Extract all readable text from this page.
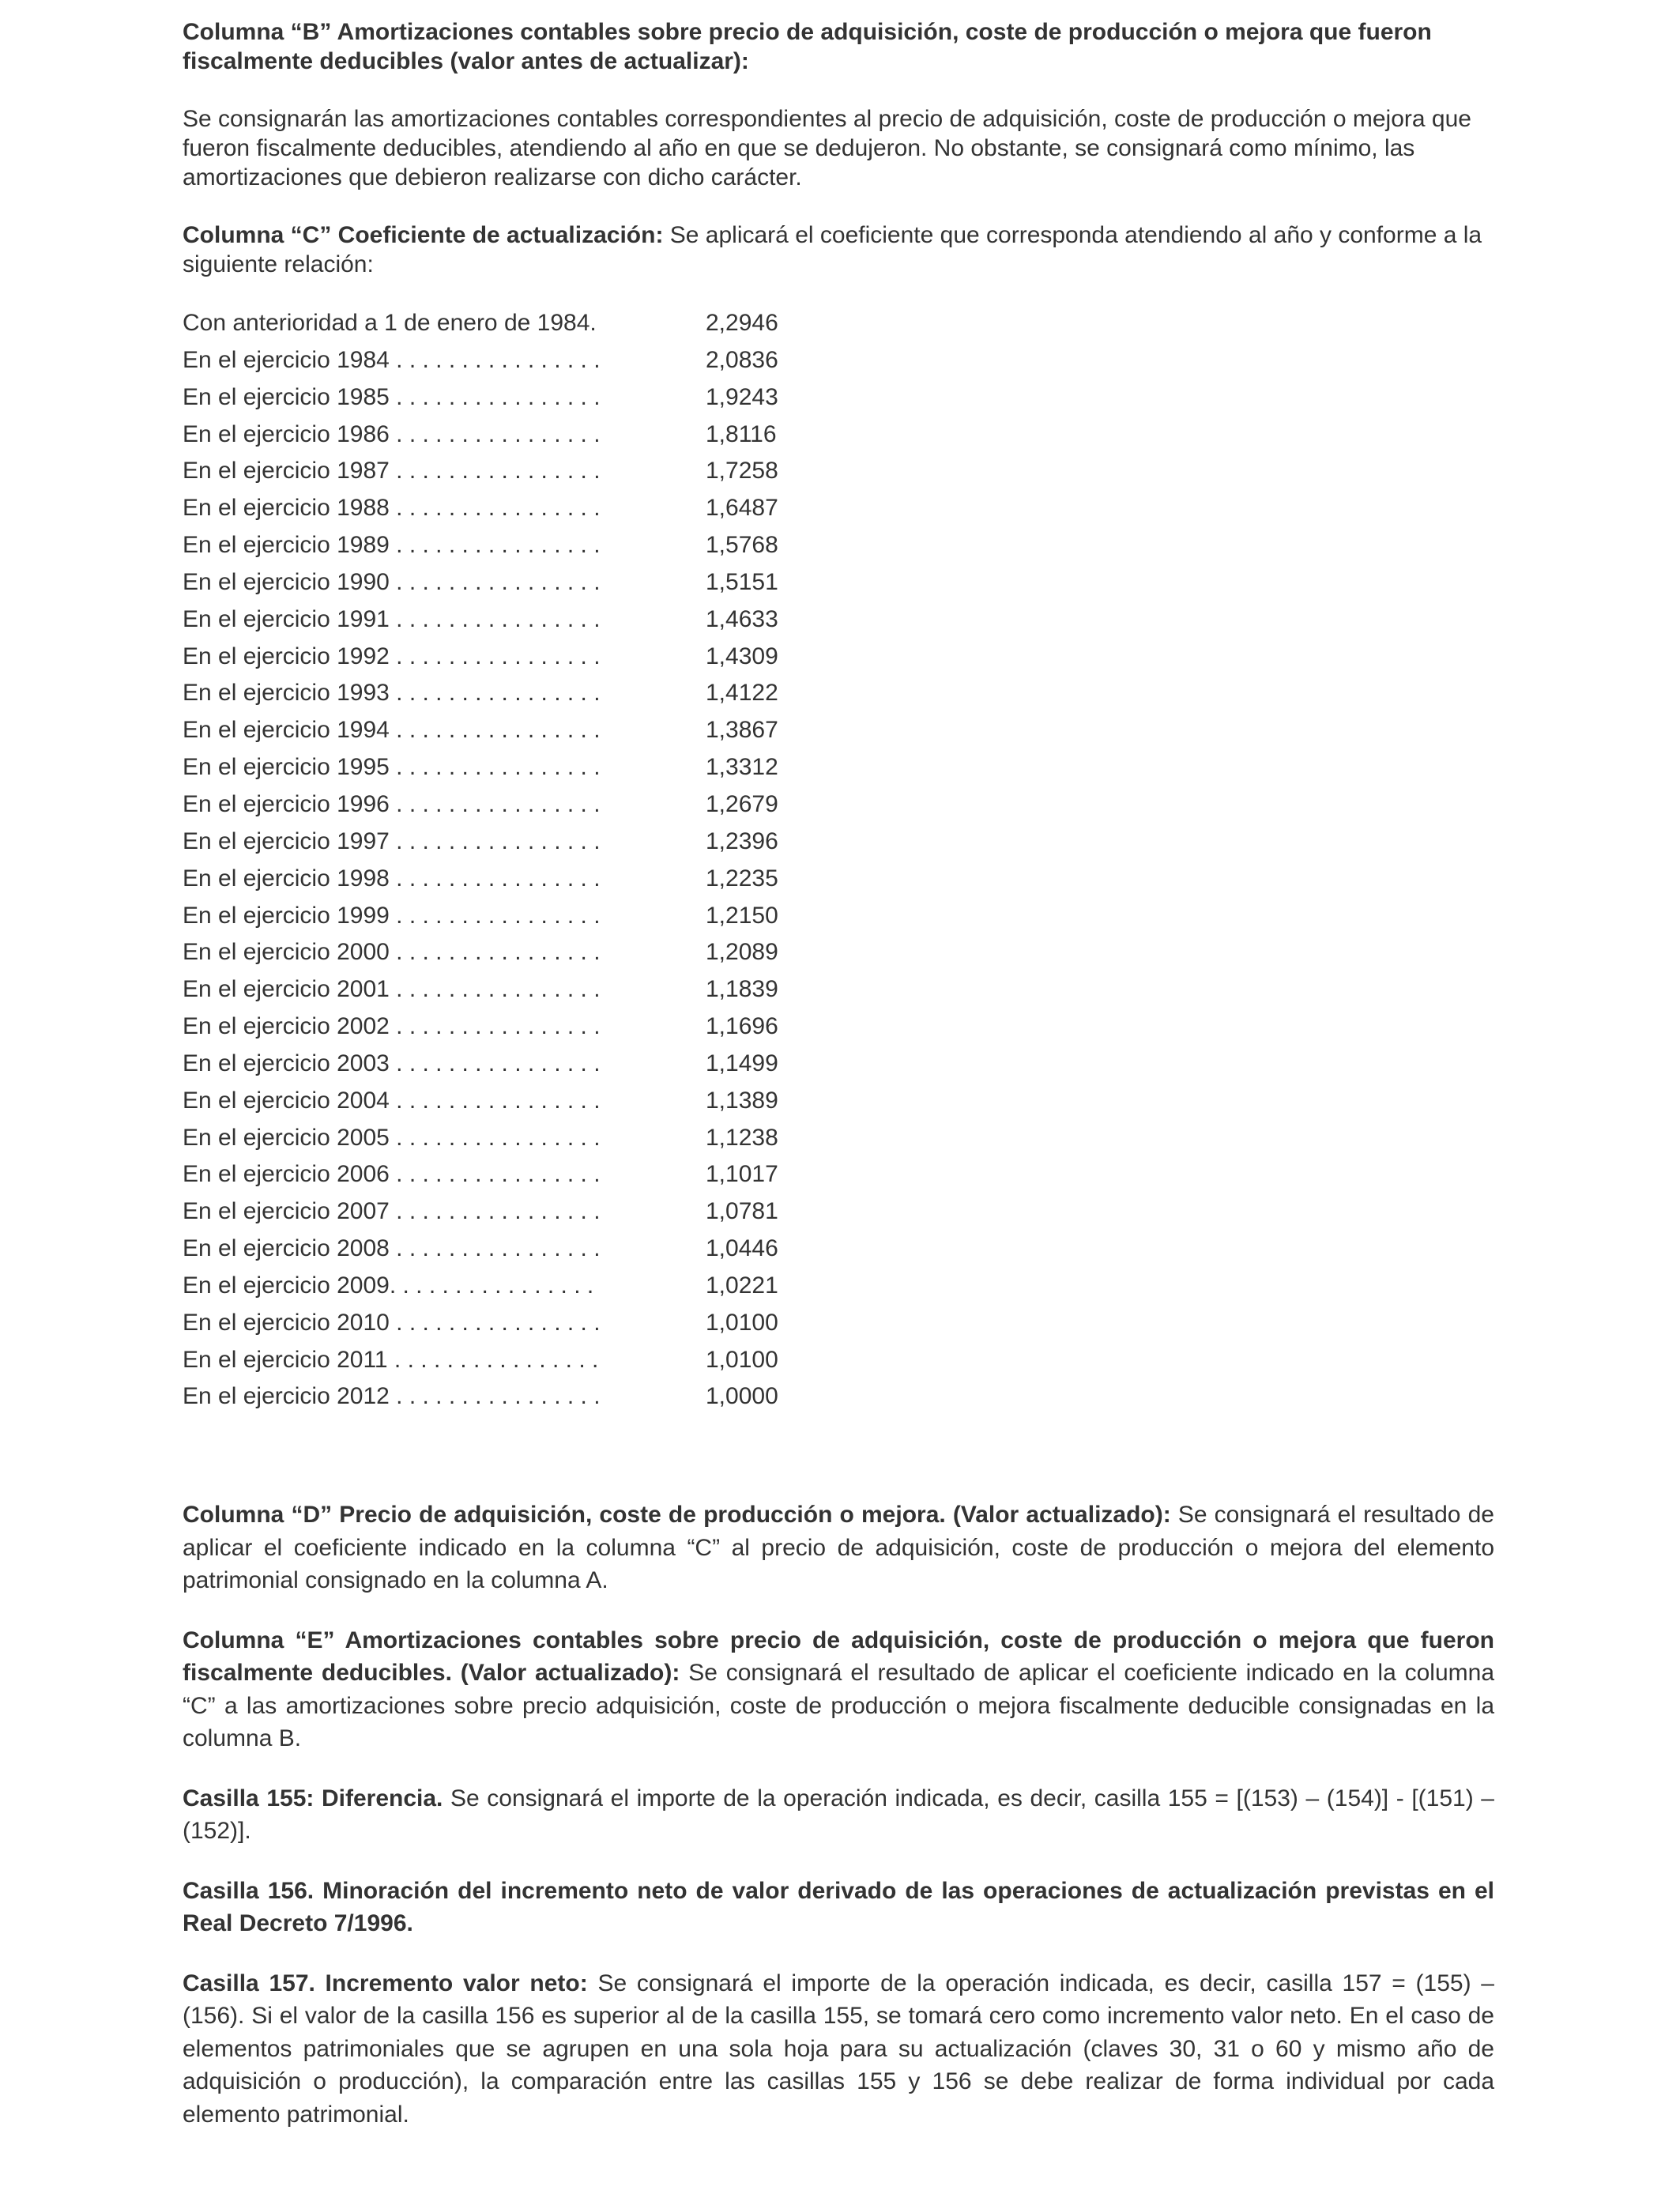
Columna “B” Amortizaciones contables sobre precio de adquisición, coste de producción o mejora que fueron fiscalmente deducibles (valor antes de actualizar):

Se consignarán las amortizaciones contables correspondientes al precio de adquisición, coste de producción o mejora que fueron fiscalmente deducibles, atendiendo al año en que se dedujeron. No obstante, se consignará como mínimo, las amortizaciones que debieron realizarse con dicho carácter.

Columna “C” Coeficiente de actualización: Se aplicará el coeficiente que corresponda atendiendo al año y conforme a la siguiente relación:

Con anterioridad a 1 de enero de 1984.	2,2946
En el ejercicio 1984 . . . . . . . . . . . . . . . .	2,0836
En el ejercicio 1985 . . . . . . . . . . . . . . . .	1,9243
En el ejercicio 1986 . . . . . . . . . . . . . . . .	1,8116
En el ejercicio 1987 . . . . . . . . . . . . . . . .	1,7258
En el ejercicio 1988 . . . . . . . . . . . . . . . .	1,6487
En el ejercicio 1989 . . . . . . . . . . . . . . . .	1,5768
En el ejercicio 1990 . . . . . . . . . . . . . . . .	1,5151
En el ejercicio 1991 . . . . . . . . . . . . . . . .	1,4633
En el ejercicio 1992 . . . . . . . . . . . . . . . .	1,4309
En el ejercicio 1993 . . . . . . . . . . . . . . . .	1,4122
En el ejercicio 1994 . . . . . . . . . . . . . . . .	1,3867
En el ejercicio 1995 . . . . . . . . . . . . . . . .	1,3312
En el ejercicio 1996 . . . . . . . . . . . . . . . .	1,2679
En el ejercicio 1997 . . . . . . . . . . . . . . . .	1,2396
En el ejercicio 1998 . . . . . . . . . . . . . . . .	1,2235
En el ejercicio 1999 . . . . . . . . . . . . . . . .	1,2150
En el ejercicio 2000 . . . . . . . . . . . . . . . .	1,2089
En el ejercicio 2001 . . . . . . . . . . . . . . . .	1,1839
En el ejercicio 2002 . . . . . . . . . . . . . . . .	1,1696
En el ejercicio 2003 . . . . . . . . . . . . . . . .	1,1499
En el ejercicio 2004 . . . . . . . . . . . . . . . .	1,1389
En el ejercicio 2005 . . . . . . . . . . . . . . . .	1,1238
En el ejercicio 2006 . . . . . . . . . . . . . . . .	1,1017
En el ejercicio 2007 . . . . . . . . . . . . . . . .	1,0781
En el ejercicio 2008 . . . . . . . . . . . . . . . .	1,0446
En el ejercicio 2009. . . . . . . . . . . . . . . .	1,0221
En el ejercicio 2010 . . . . . . . . . . . . . . . .	1,0100
En el ejercicio 2011 . . . . . . . . . . . . . . . .	1,0100
En el ejercicio 2012 . . . . . . . . . . . . . . . .	1,0000

Columna “D” Precio de adquisición, coste de producción o mejora. (Valor actualizado): Se consignará el resultado de aplicar el coeficiente indicado en la columna “C” al precio de adquisición, coste de producción o mejora del elemento patrimonial consignado en la columna A.

Columna “E” Amortizaciones contables sobre precio de adquisición, coste de producción o mejora que fueron fiscalmente deducibles. (Valor actualizado): Se consignará el resultado de aplicar el coeficiente indicado en la columna “C” a las amortizaciones sobre precio adquisición, coste de producción o mejora fiscalmente deducible consignadas en la columna B.

Casilla 155: Diferencia. Se consignará el importe de la operación indicada, es decir, casilla 155 = [(153) – (154)] - [(151) – (152)].

Casilla 156. Minoración del incremento neto de valor derivado de las operaciones de actualización previstas en el Real Decreto 7/1996.

Casilla 157. Incremento valor neto: Se consignará el importe de la operación indicada, es decir, casilla 157 = (155) – (156). Si el valor de la casilla 156 es superior al de la casilla 155, se tomará cero como incremento valor neto. En el caso de elementos patrimoniales que se agrupen en una sola hoja para su actualización (claves 30, 31 o 60 y mismo año de adquisición o producción), la comparación entre las casillas 155 y 156 se debe realizar de forma individual por cada elemento patrimonial.
